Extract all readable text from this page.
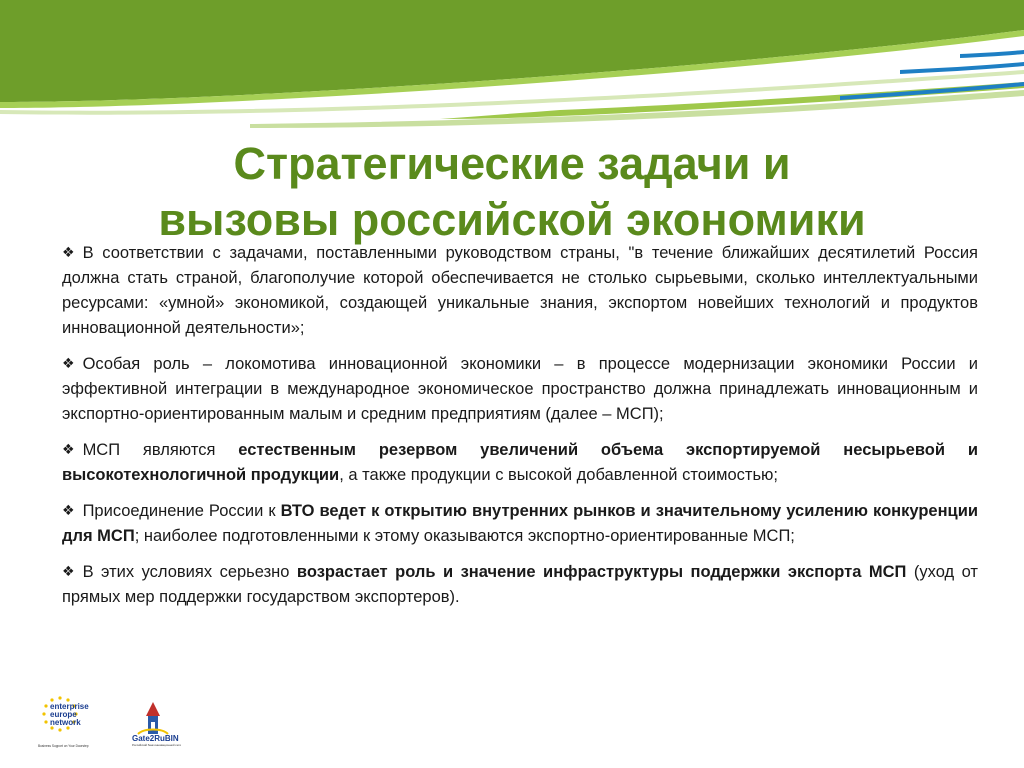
Стратегические задачи и
вызовы российской экономики
❖ В соответствии с задачами, поставленными руководством страны, "в течение ближайших десятилетий Россия должна стать страной, благополучие которой обеспечивается не столько сырьевыми, сколько интеллектуальными ресурсами: «умной» экономикой, создающей уникальные знания, экспортом новейших технологий и продуктов инновационной деятельности»;
❖ Особая роль – локомотива инновационной экономики – в процессе модернизации экономики России и эффективной интеграции в международное экономическое пространство должна принадлежать инновационным и экспортно-ориентированным малым и средним предприятиям (далее – МСП);
❖ МСП являются естественным резервом увеличений объема экспортируемой несырьевой и высокотехнологичной продукции, а также продукции с высокой добавленной стоимостью;
❖ Присоединение России к ВТО ведет к открытию внутренних рынков и значительному усилению конкуренции для МСП; наиболее подготовленными к этому оказываются экспортно-ориентированные МСП;
❖ В этих условиях серьезно возрастает роль и значение инфраструктуры поддержки экспорта МСП (уход от прямых мер поддержки государством экспортеров).
enterprise
europe
network
Business Support on Your Doorstep
Gate2RuBIN
Российский банк инновационной сети
